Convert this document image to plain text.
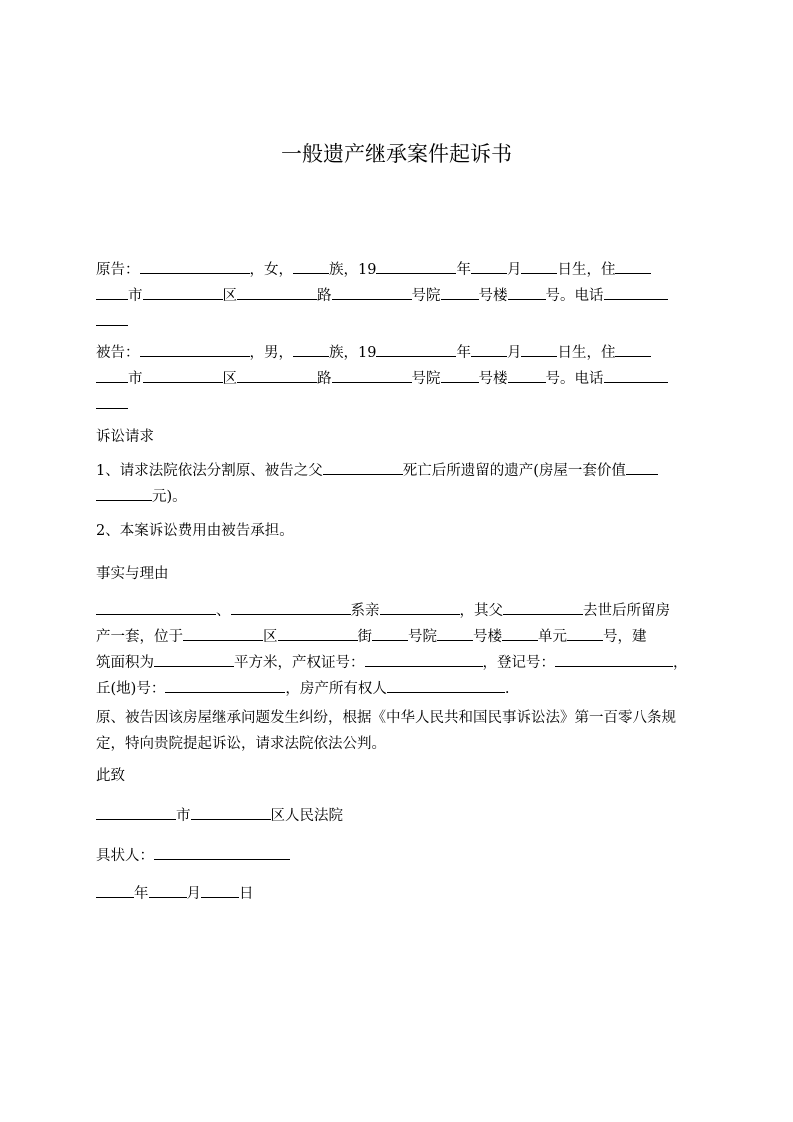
一般遗产继承案件起诉书

原告：	，女， 族，19	年 月 日生，住

市	区	路	号院	号楼	号。电话

被告：	，男， 族，19	年 月 日生，住

市	区	路	号院	号楼	号。电话

诉讼请求

1、请求法院依法分割原、被告之父	死亡后所遗留的遗产(房屋一套价值

元)。

2、本案诉讼费用由被告承担。
事实与理由

、	系亲	，其父	去世后所留房

产一套，位于	区	街 号院 号楼 单元 号，建

筑面积为	平方米，产权证号：	，登记号：	，

丘(地)号：	，房产所有权人	.

原、被告因该房屋继承问题发生纠纷，根据《中华人民共和国民事诉讼法》第一百零八条规定，特向贵院提起诉讼，请求法院依法公判。
此致
市	区人民法院
具状人：
年	月	日
